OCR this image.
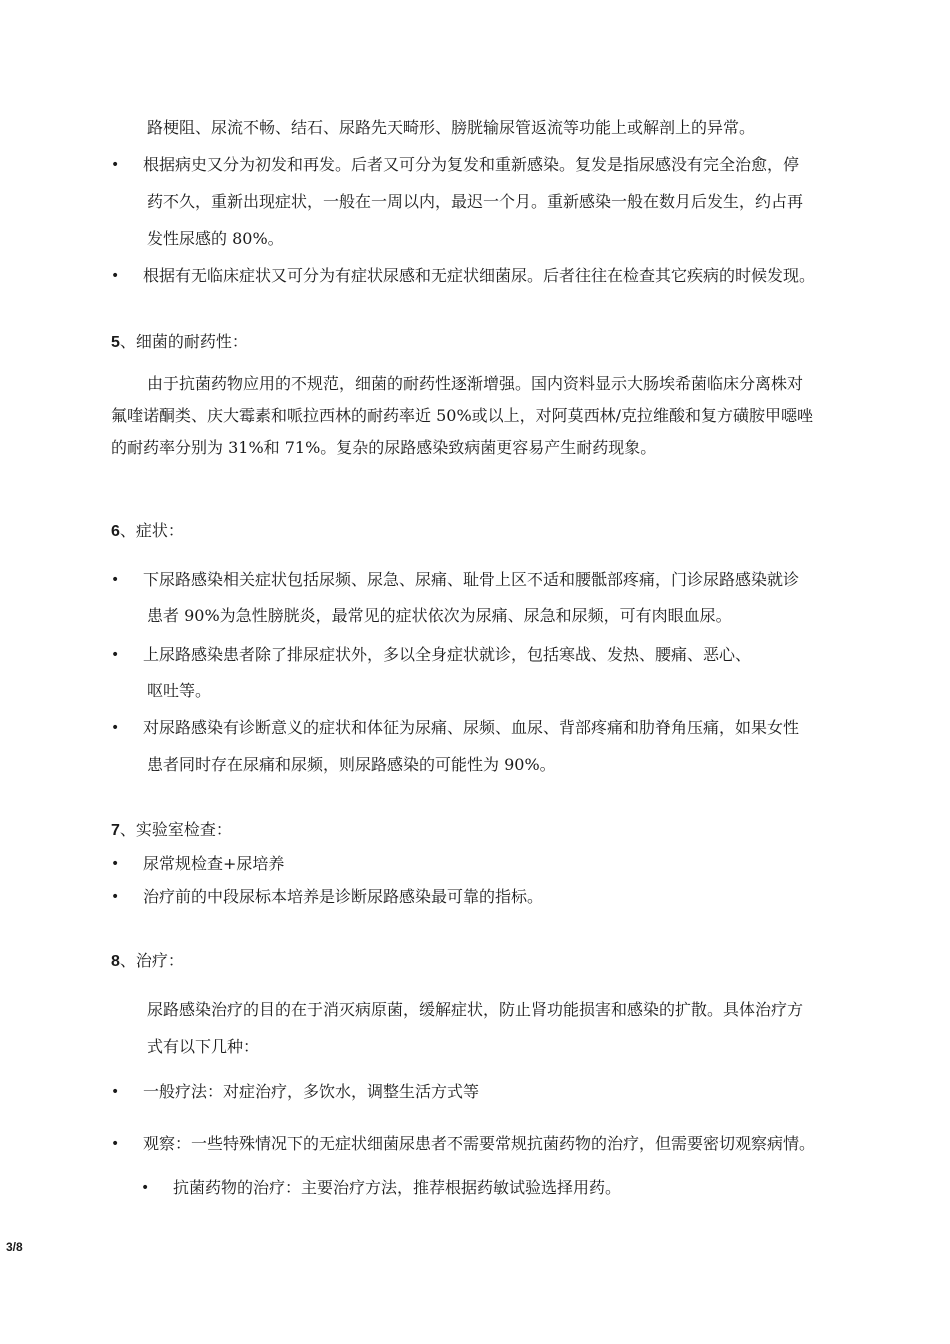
路梗阻、尿流不畅、结石、尿路先天畸形、膀胱输尿管返流等功能上或解剖上的异常。
• 根据病史又分为初发和再发。后者又可分为复发和重新感染。复发是指尿感没有完全治愈，停
药不久，重新出现症状，一般在一周以内，最迟一个月。重新感染一般在数月后发生，约占再
发性尿感的 80%。
• 根据有无临床症状又可分为有症状尿感和无症状细菌尿。后者往往在检查其它疾病的时候发现。
5、细菌的耐药性：
由于抗菌药物应用的不规范，细菌的耐药性逐渐增强。国内资料显示大肠埃希菌临床分离株对
氟喹诺酮类、庆大霉素和哌拉西林的耐药率近 50%或以上，对阿莫西林/克拉维酸和复方磺胺甲噁唑
的耐药率分别为 31%和 71%。复杂的尿路感染致病菌更容易产生耐药现象。
6、症状：
• 下尿路感染相关症状包括尿频、尿急、尿痛、耻骨上区不适和腰骶部疼痛，门诊尿路感染就诊
患者 90%为急性膀胱炎，最常见的症状依次为尿痛、尿急和尿频，可有肉眼血尿。
• 上尿路感染患者除了排尿症状外，多以全身症状就诊，包括寒战、发热、腰痛、恶心、
呕吐等。
• 对尿路感染有诊断意义的症状和体征为尿痛、尿频、血尿、背部疼痛和肋脊角压痛，如果女性
患者同时存在尿痛和尿频，则尿路感染的可能性为 90%。
7、实验室检查：
• 尿常规检查+尿培养
• 治疗前的中段尿标本培养是诊断尿路感染最可靠的指标。
8、治疗：
尿路感染治疗的目的在于消灭病原菌，缓解症状，防止肾功能损害和感染的扩散。具体治疗方
式有以下几种：
• 一般疗法：对症治疗，多饮水，调整生活方式等
• 观察：一些特殊情况下的无症状细菌尿患者不需要常规抗菌药物的治疗，但需要密切观察病情。
• 抗菌药物的治疗：主要治疗方法，推荐根据药敏试验选择用药。
3/8
